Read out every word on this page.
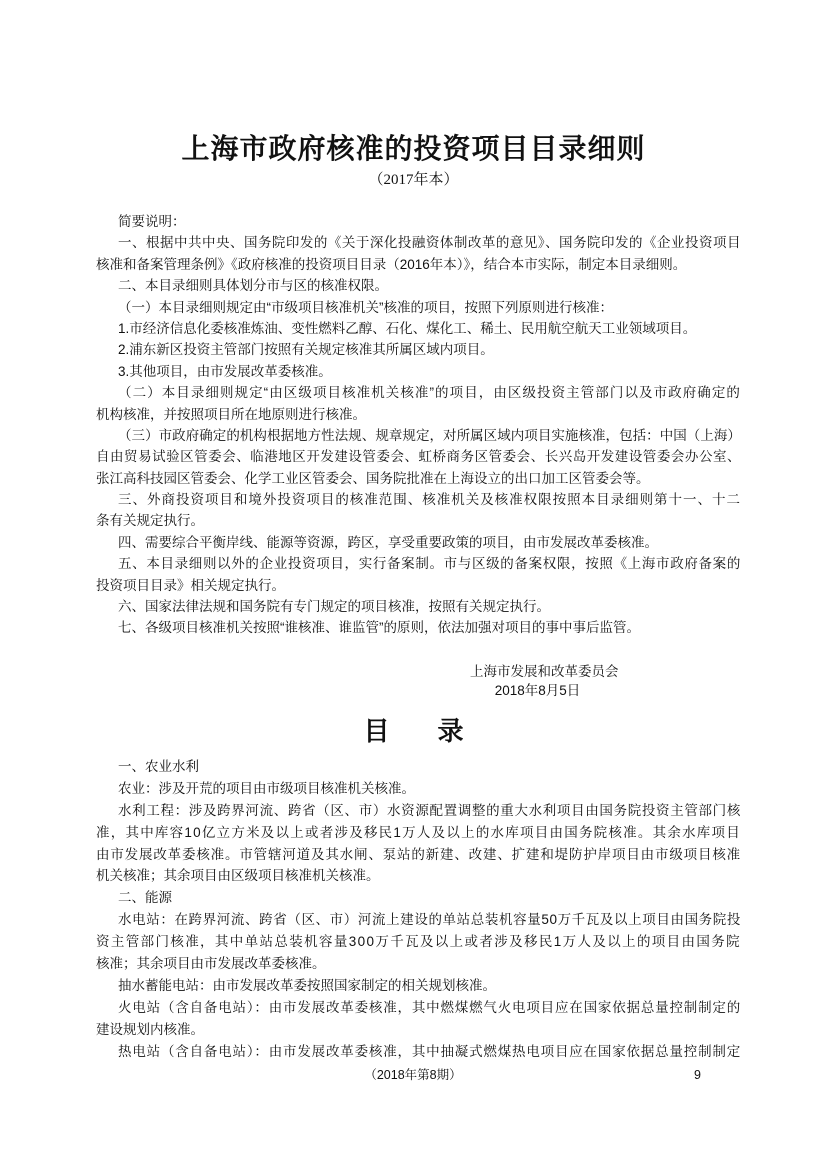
上海市政府核准的投资项目目录细则
（2017年本）
简要说明：
一、根据中共中央、国务院印发的《关于深化投融资体制改革的意见》、国务院印发的《企业投资项目
核准和备案管理条例》《政府核准的投资项目目录（2016年本）》，结合本市实际，制定本目录细则。
二、本目录细则具体划分市与区的核准权限。
（一）本目录细则规定由“市级项目核准机关”核准的项目，按照下列原则进行核准：
1.市经济信息化委核准炼油、变性燃料乙醇、石化、煤化工、稀土、民用航空航天工业领域项目。
2.浦东新区投资主管部门按照有关规定核准其所属区域内项目。
3.其他项目，由市发展改革委核准。
（二）本目录细则规定“由区级项目核准机关核准”的项目，由区级投资主管部门以及市政府确定的
机构核准，并按照项目所在地原则进行核准。
（三）市政府确定的机构根据地方性法规、规章规定，对所属区域内项目实施核准，包括：中国（上海）
自由贸易试验区管委会、临港地区开发建设管委会、虹桥商务区管委会、长兴岛开发建设管委会办公室、
张江高科技园区管委会、化学工业区管委会、国务院批准在上海设立的出口加工区管委会等。
三、外商投资项目和境外投资项目的核准范围、核准机关及核准权限按照本目录细则第十一、十二
条有关规定执行。
四、需要综合平衡岸线、能源等资源，跨区，享受重要政策的项目，由市发展改革委核准。
五、本目录细则以外的企业投资项目，实行备案制。市与区级的备案权限，按照《上海市政府备案的
投资项目目录》相关规定执行。
六、国家法律法规和国务院有专门规定的项目核准，按照有关规定执行。
七、各级项目核准机关按照“谁核准、谁监管”的原则，依法加强对项目的事中事后监管。
上海市发展和改革委员会
2018年8月5日
目录
一、农业水利
农业：涉及开荒的项目由市级项目核准机关核准。
水利工程：涉及跨界河流、跨省（区、市）水资源配置调整的重大水利项目由国务院投资主管部门核
准，其中库容10亿立方米及以上或者涉及移民1万人及以上的水库项目由国务院核准。其余水库项目
由市发展改革委核准。市管辖河道及其水闸、泵站的新建、改建、扩建和堤防护岸项目由市级项目核准
机关核准；其余项目由区级项目核准机关核准。
二、能源
水电站：在跨界河流、跨省（区、市）河流上建设的单站总装机容量50万千瓦及以上项目由国务院投
资主管部门核准，其中单站总装机容量300万千瓦及以上或者涉及移民1万人及以上的项目由国务院
核准；其余项目由市发展改革委核准。
抽水蓄能电站：由市发展改革委按照国家制定的相关规划核准。
火电站（含自备电站）：由市发展改革委核准，其中燃煤燃气火电项目应在国家依据总量控制制定的
建设规划内核准。
热电站（含自备电站）：由市发展改革委核准，其中抽凝式燃煤热电项目应在国家依据总量控制制定
（2018年第8期）	9
